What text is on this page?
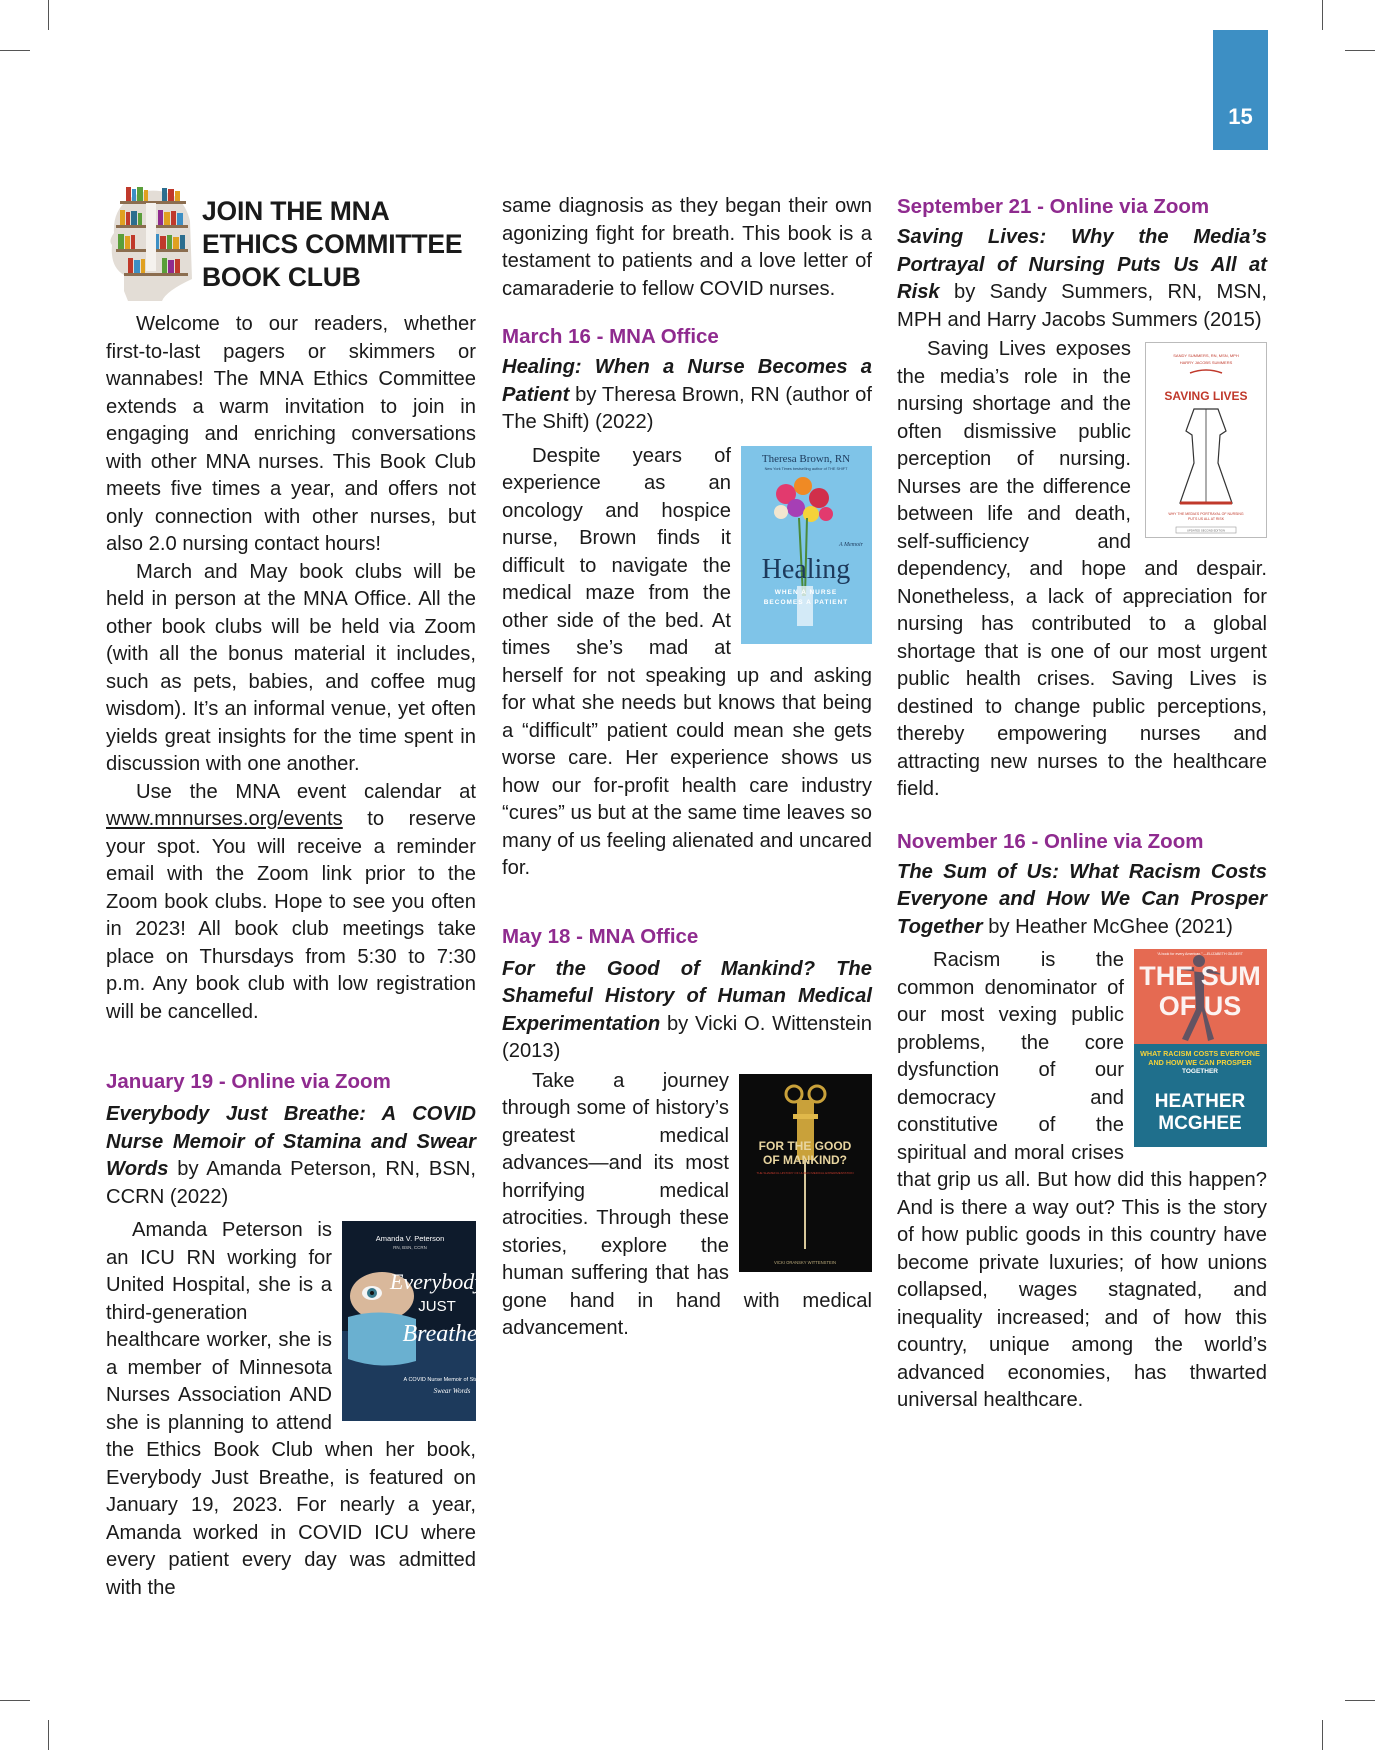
15
JOIN THE MNA
ETHICS COMMITTEE
BOOK CLUB

Welcome to our readers, whether first-to-last pagers or skimmers or wannabes! The MNA Ethics Committee extends a warm invitation to join in engaging and enriching conversations with other MNA nurses. This Book Club meets five times a year, and offers not only connection with other nurses, but also 2.0 nursing contact hours!

March and May book clubs will be held in person at the MNA Office. All the other book clubs will be held via Zoom (with all the bonus material it includes, such as pets, babies, and coffee mug wisdom). It’s an informal venue, yet often yields great insights for the time spent in discussion with one another.

Use the MNA event calendar at www.mnnurses.org/events to reserve your spot. You will receive a reminder email with the Zoom link prior to the Zoom book clubs. Hope to see you often in 2023! All book club meetings take place on Thursdays from 5:30 to 7:30 p.m. Any book club with low registration will be cancelled.

January 19 - Online via Zoom

Everybody Just Breathe: A COVID Nurse Memoir of Stamina and Swear Words by Amanda Peterson, RN, BSN, CCRN (2022)

Amanda V. Peterson
RN, BSN, CCRN
Everybody
JUST
Breathe
A COVID Nurse Memoir of Stamina and
Swear Words

Amanda Peterson is an ICU RN working for United Hospital, she is a third-generation healthcare worker, she is a member of Minnesota Nurses Association AND she is planning to attend the Ethics Book Club when her book, Everybody Just Breathe, is featured on January 19, 2023. For nearly a year, Amanda worked in COVID ICU where every patient every day was admitted with the

same diagnosis as they began their own agonizing fight for breath. This book is a testament to patients and a love letter of camaraderie to fellow COVID nurses.

March 16 - MNA Office

Healing: When a Nurse Becomes a Patient by Theresa Brown, RN (author of The Shift) (2022)

Theresa Brown, RN
New York Times bestselling author of THE SHIFT
A Memoir
Healing
WHEN A NURSE
BECOMES A PATIENT

Despite years of experience as an oncology and hospice nurse, Brown finds it difficult to navigate the medical maze from the other side of the bed. At times she’s mad at herself for not speaking up and asking for what she needs but knows that being a “difficult” patient could mean she gets worse care. Her experience shows us how our for-profit health care industry “cures” us but at the same time leaves so many of us feeling alienated and uncared for.

May 18 - MNA Office

For the Good of Mankind? The Shameful History of Human Medical Experimentation by Vicki O. Wittenstein (2013)

FOR THE GOOD
OF MANKIND?
THE SHAMEFUL HISTORY OF HUMAN MEDICAL EXPERIMENTATION
VICKI ORANSKY WITTENSTEIN

Take a journey through some of history’s greatest medical advances—and its most horrifying medical atrocities. Through these stories, explore the human suffering that has gone hand in hand with medical advancement.

September 21 - Online via Zoom

Saving Lives: Why the Media’s Portrayal of Nursing Puts Us All at Risk by Sandy Summers, RN, MSN, MPH and Harry Jacobs Summers (2015)

SANDY SUMMERS, RN, MSN, MPH
HARRY JACOBS SUMMERS
SAVING LIVES
WHY THE MEDIA’S PORTRAYAL OF NURSING
PUTS US ALL AT RISK
UPDATED SECOND EDITION

Saving Lives exposes the media’s role in the nursing shortage and the often dismissive public perception of nursing. Nurses are the difference between life and death, self-sufficiency and dependency, and hope and despair. Nonetheless, a lack of appreciation for nursing has contributed to a global shortage that is one of our most urgent public health crises. Saving Lives is destined to change public perceptions, thereby empowering nurses and attracting new nurses to the healthcare field.

November 16 - Online via Zoom

The Sum of Us: What Racism Costs Everyone and How We Can Prosper Together by Heather McGhee (2021)

“A book for every American.” —ELIZABETH GILBERT
THE SUM
OF US
WHAT RACISM COSTS EVERYONE
AND HOW WE CAN PROSPER
TOGETHER
HEATHER
MCGHEE

Racism is the common denominator of our most vexing public problems, the core dysfunction of our democracy and constitutive of the spiritual and moral crises that grip us all. But how did this happen? And is there a way out? This is the story of how public goods in this country have become private luxuries; of how unions collapsed, wages stagnated, and inequality increased; and of how this country, unique among the world’s advanced economies, has thwarted universal healthcare.
